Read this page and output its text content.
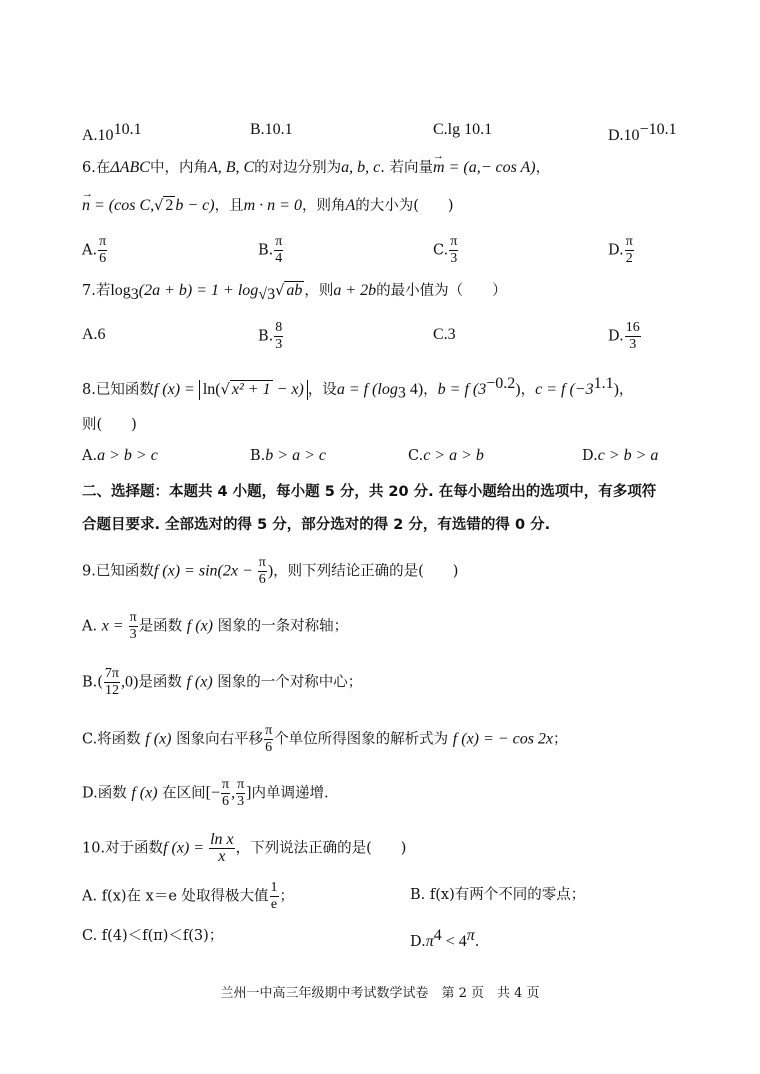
$A.10^{10.1}$	B.10.1	C.lg 10.1	$D.10^{-10.1}$
6.在ΔABC中，内角A, B, C的对边分别为a, b, c. 若向量→ m = (a,− cos A)，
→ n = (cos C,√ 2 b − c)，且m · n = 0，则角A的大小为(　　)
A. $\frac{\pi}{6}$	B. $\frac{\pi}{4}$	C. $\frac{\pi}{3}$	D. $\frac{\pi}{2}$
7.若$\log_3(2a + b) = 1 + \log_{√3}√$ ab ，则a + 2b的最小值为（　　）
A.6	B. $\frac{8}{3}$	C.3	D. $\frac{16}{3}$
8.已知函数f (x) = ln(√ x² + 1 − x) ，设a = f ($\log_3$ 4)，b = f $(3^{-0.2})$，c = f $(-3^{1.1})$，
则(　　)
A.a > b > c	B.b > a > c	C.c > a > b	D.c > b > a
二、选择题：本题共 4 小题，每小题 5 分，共 20 分. 在每小题给出的选项中，有多项符
合题目要求. 全部选对的得 5 分，部分选对的得 2 分，有选错的得 0 分.
9.已知函数f $(x) = \sin(2x - \frac{\pi}{6}$ )，则下列结论正确的是(　　)
A. $x = \frac{\pi}{3}$ 是函数 f (x) 图象的一条对称轴；
$B.( \frac{7\pi}{12} ,0)$是函数 f (x) 图象的一个对称中心；
C.将函数 f (x) 图象向右平移 $\frac{\pi}{6}$ 个单位所得图象的解析式为 f (x) = − cos 2x；
D.函数 f (x) 在区间[− $\frac{\pi}{6}$ , $\frac{\pi}{3}$ ]内单调递增.
10.对于函数f $(x) = \frac{\text{ln x}}{x}$ ，下列说法正确的是(　　)
A. f(x)在 x＝e 处取得极大值 $\frac{1}{e}$ ；	B. f(x)有两个不同的零点；
C. f(4)＜f(π)＜f(3)；	$D.\pi^4 < 4^\pi$.
兰州一中高三年级期中考试数学试卷　第 2 页　共 4 页
